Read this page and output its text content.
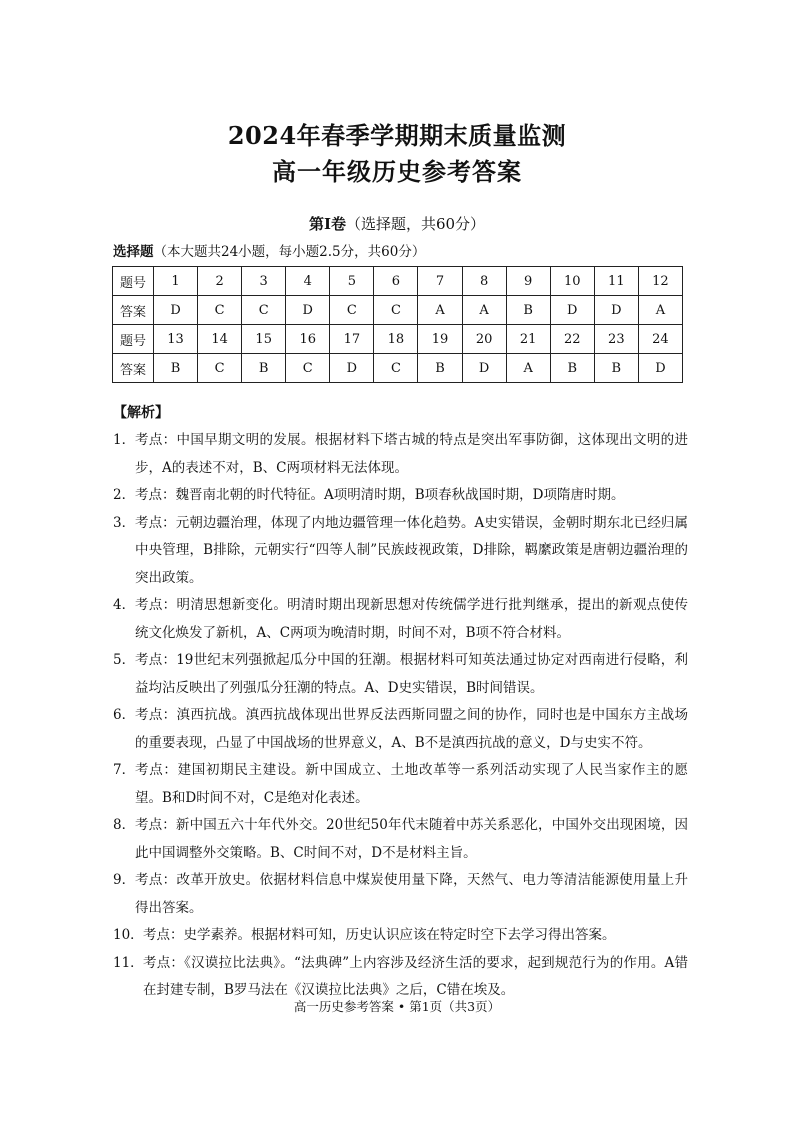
2024年春季学期期末质量监测
高一年级历史参考答案
第Ⅰ卷（选择题，共60分）
选择题（本大题共24小题，每小题2.5分，共60分）
题号	1	2	3	4	5	6	7	8	9	10	11	12
答案	D	C	C	D	C	C	A	A	B	D	D	A
题号	13	14	15	16	17	18	19	20	21	22	23	24
答案	B	C	B	C	D	C	B	D	A	B	B	D
【解析】
1． 考点：中国早期文明的发展。根据材料下塔古城的特点是突出军事防御，这体现出文明的进步，A的表述不对，B、C两项材料无法体现。
2． 考点：魏晋南北朝的时代特征。A项明清时期，B项春秋战国时期，D项隋唐时期。
3． 考点：元朝边疆治理，体现了内地边疆管理一体化趋势。A史实错误，金朝时期东北已经归属中央管理，B排除，元朝实行“四等人制”民族歧视政策，D排除，羁縻政策是唐朝边疆治理的突出政策。
4． 考点：明清思想新变化。明清时期出现新思想对传统儒学进行批判继承，提出的新观点使传统文化焕发了新机，A、C两项为晚清时期，时间不对，B项不符合材料。
5． 考点：19世纪末列强掀起瓜分中国的狂潮。根据材料可知英法通过协定对西南进行侵略，利益均沾反映出了列强瓜分狂潮的特点。A、D史实错误，B时间错误。
6． 考点：滇西抗战。滇西抗战体现出世界反法西斯同盟之间的协作，同时也是中国东方主战场的重要表现，凸显了中国战场的世界意义，A、B不是滇西抗战的意义，D与史实不符。
7． 考点：建国初期民主建设。新中国成立、土地改革等一系列活动实现了人民当家作主的愿望。B和D时间不对，C是绝对化表述。
8． 考点：新中国五六十年代外交。20世纪50年代末随着中苏关系恶化，中国外交出现困境，因此中国调整外交策略。B、C时间不对，D不是材料主旨。
9． 考点：改革开放史。依据材料信息中煤炭使用量下降，天然气、电力等清洁能源使用量上升得出答案。
10． 考点：史学素养。根据材料可知，历史认识应该在特定时空下去学习得出答案。
11． 考点：《汉谟拉比法典》。“法典碑”上内容涉及经济生活的要求，起到规范行为的作用。A错在封建专制，B罗马法在《汉谟拉比法典》之后，C错在埃及。
高一历史参考答案 • 第1页（共3页）
